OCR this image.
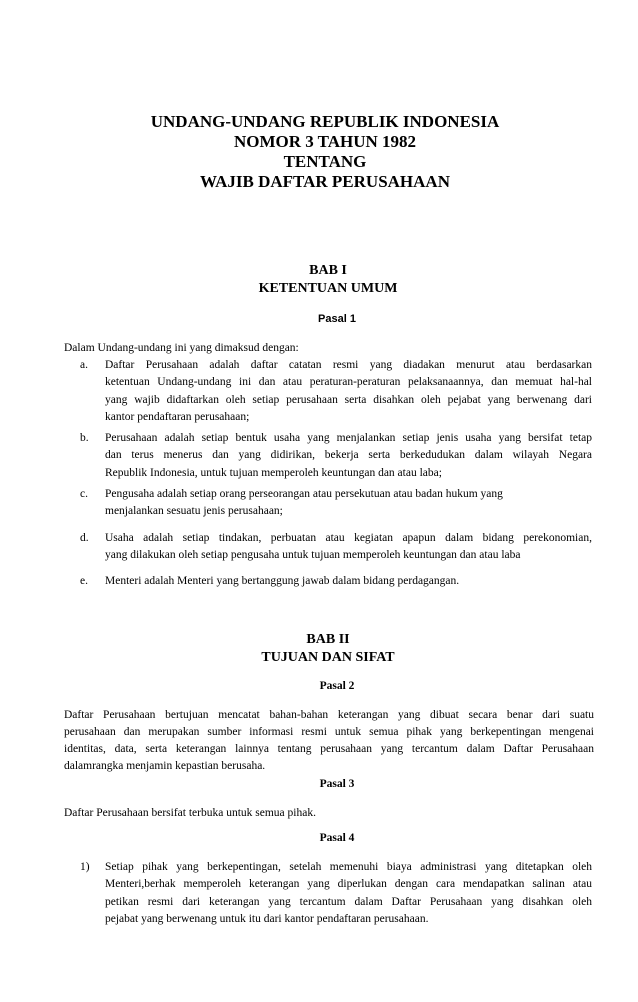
UNDANG-UNDANG REPUBLIK INDONESIA
NOMOR 3 TAHUN 1982
TENTANG
WAJIB DAFTAR PERUSAHAAN
BAB I
KETENTUAN UMUM
Pasal 1
Dalam Undang-undang ini yang dimaksud dengan:
a. Daftar Perusahaan adalah daftar catatan resmi yang diadakan menurut atau berdasarkan
ketentuan Undang-undang ini dan atau peraturan-peraturan pelaksanaannya, dan memuat hal-hal
yang wajib didaftarkan oleh setiap perusahaan serta disahkan oleh pejabat yang berwenang dari
kantor pendaftaran perusahaan;
b. Perusahaan adalah setiap bentuk usaha yang menjalankan setiap jenis usaha yang bersifat tetap
dan terus menerus dan yang didirikan, bekerja serta berkedudukan dalam wilayah Negara
Republik Indonesia, untuk tujuan memperoleh keuntungan dan atau laba;
c. Pengusaha adalah setiap orang perseorangan atau persekutuan atau badan hukum yang
menjalankan sesuatu jenis perusahaan;
d. Usaha adalah setiap tindakan, perbuatan atau kegiatan apapun dalam bidang perekonomian,
yang dilakukan oleh setiap pengusaha untuk tujuan memperoleh keuntungan dan atau laba
e. Menteri adalah Menteri yang bertanggung jawab dalam bidang perdagangan.
BAB II
TUJUAN DAN SIFAT
Pasal 2
Daftar Perusahaan bertujuan mencatat bahan-bahan keterangan yang dibuat secara benar dari suatu
perusahaan dan merupakan sumber informasi resmi untuk semua pihak yang berkepentingan mengenai
identitas, data, serta keterangan lainnya tentang perusahaan yang tercantum dalam Daftar Perusahaan
dalamrangka menjamin kepastian berusaha.
Pasal 3
Daftar Perusahaan bersifat terbuka untuk semua pihak.
Pasal 4
1) Setiap pihak yang berkepentingan, setelah memenuhi biaya administrasi yang ditetapkan oleh
Menteri,berhak memperoleh keterangan yang diperlukan dengan cara mendapatkan salinan atau
petikan resmi dari keterangan yang tercantum dalam Daftar Perusahaan yang disahkan oleh
pejabat yang berwenang untuk itu dari kantor pendaftaran perusahaan.
